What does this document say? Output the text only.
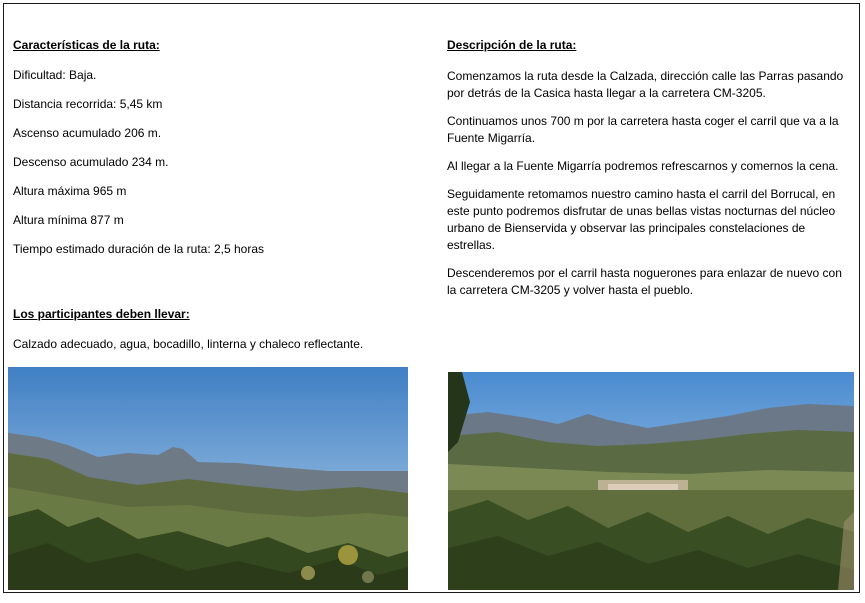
Características de la ruta:
Dificultad: Baja.
Distancia recorrida: 5,45 km
Ascenso acumulado 206 m.
Descenso acumulado 234 m.
Altura máxima 965 m
Altura mínima 877 m
Tiempo estimado duración de la ruta: 2,5 horas
Los participantes deben llevar:
Calzado adecuado, agua, bocadillo, linterna y chaleco reflectante.
Descripción de la ruta:

Comenzamos la ruta desde la Calzada, dirección calle las Parras pasando por detrás de la Casica hasta llegar a la carretera CM-3205.

Continuamos unos 700 m por la carretera hasta coger el carril que va a la Fuente Migarría.

Al llegar a la Fuente Migarría podremos refrescarnos y comernos la cena.

Seguidamente retomamos nuestro camino hasta el carril del Borrucal, en este punto podremos disfrutar de unas bellas vistas nocturnas del núcleo urbano de Bienservida y observar las principales constelaciones de estrellas.

Descenderemos por el carril hasta noguerones para enlazar de nuevo con la carretera CM-3205 y volver hasta el pueblo.
